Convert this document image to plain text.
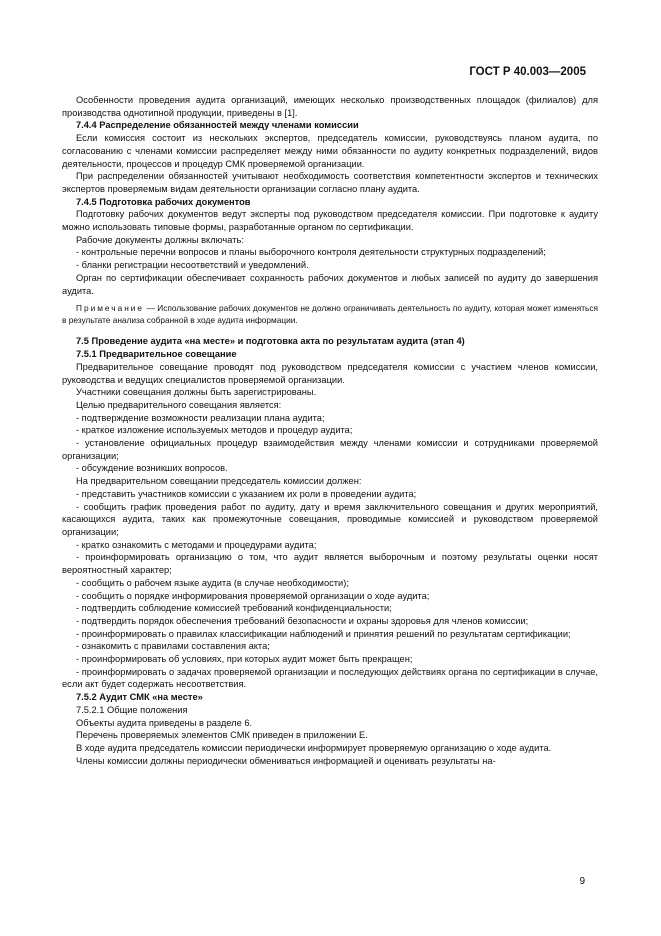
ГОСТ Р 40.003—2005
Особенности проведения аудита организаций, имеющих несколько производственных площадок (филиалов) для производства однотипной продукции, приведены в [1].
7.4.4 Распределение обязанностей между членами комиссии
Если комиссия состоит из нескольких экспертов, председатель комиссии, руководствуясь планом аудита, по согласованию с членами комиссии распределяет между ними обязанности по аудиту конкретных подразделений, видов деятельности, процессов и процедур СМК проверяемой организации.
При распределении обязанностей учитывают необходимость соответствия компетентности экспертов и технических экспертов проверяемым видам деятельности организации согласно плану аудита.
7.4.5 Подготовка рабочих документов
Подготовку рабочих документов ведут эксперты под руководством председателя комиссии. При подготовке к аудиту можно использовать типовые формы, разработанные органом по сертификации.
Рабочие документы должны включать:
- контрольные перечни вопросов и планы выборочного контроля деятельности структурных подразделений;
- бланки регистрации несоответствий и уведомлений.
Орган по сертификации обеспечивает сохранность рабочих документов и любых записей по аудиту до завершения аудита.
Примечание — Использование рабочих документов не должно ограничивать деятельность по аудиту, которая может изменяться в результате анализа собранной в ходе аудита информации.
7.5 Проведение аудита «на месте» и подготовка акта по результатам аудита (этап 4)
7.5.1 Предварительное совещание
Предварительное совещание проводят под руководством председателя комиссии с участием членов комиссии, руководства и ведущих специалистов проверяемой организации.
Участники совещания должны быть зарегистрированы.
Целью предварительного совещания является:
- подтверждение возможности реализации плана аудита;
- краткое изложение используемых методов и процедур аудита;
- установление официальных процедур взаимодействия между членами комиссии и сотрудниками проверяемой организации;
- обсуждение возникших вопросов.
На предварительном совещании председатель комиссии должен:
- представить участников комиссии с указанием их роли в проведении аудита;
- сообщить график проведения работ по аудиту, дату и время заключительного совещания и других мероприятий, касающихся аудита, таких как промежуточные совещания, проводимые комиссией и руководством проверяемой организации;
- кратко ознакомить с методами и процедурами аудита;
- проинформировать организацию о том, что аудит является выборочным и поэтому результаты оценки носят вероятностный характер;
- сообщить о рабочем языке аудита (в случае необходимости);
- сообщить о порядке информирования проверяемой организации о ходе аудита;
- подтвердить соблюдение комиссией требований конфиденциальности;
- подтвердить порядок обеспечения требований безопасности и охраны здоровья для членов комиссии;
- проинформировать о правилах классификации наблюдений и принятия решений по результатам сертификации;
- ознакомить с правилами составления акта;
- проинформировать об условиях, при которых аудит может быть прекращен;
- проинформировать о задачах проверяемой организации и последующих действиях органа по сертификации в случае, если акт будет содержать несоответствия.
7.5.2 Аудит СМК «на месте»
7.5.2.1 Общие положения
Объекты аудита приведены в разделе 6.
Перечень проверяемых элементов СМК приведен в приложении Е.
В ходе аудита председатель комиссии периодически информирует проверяемую организацию о ходе аудита.
Члены комиссии должны периодически обмениваться информацией и оценивать результаты на-
9
